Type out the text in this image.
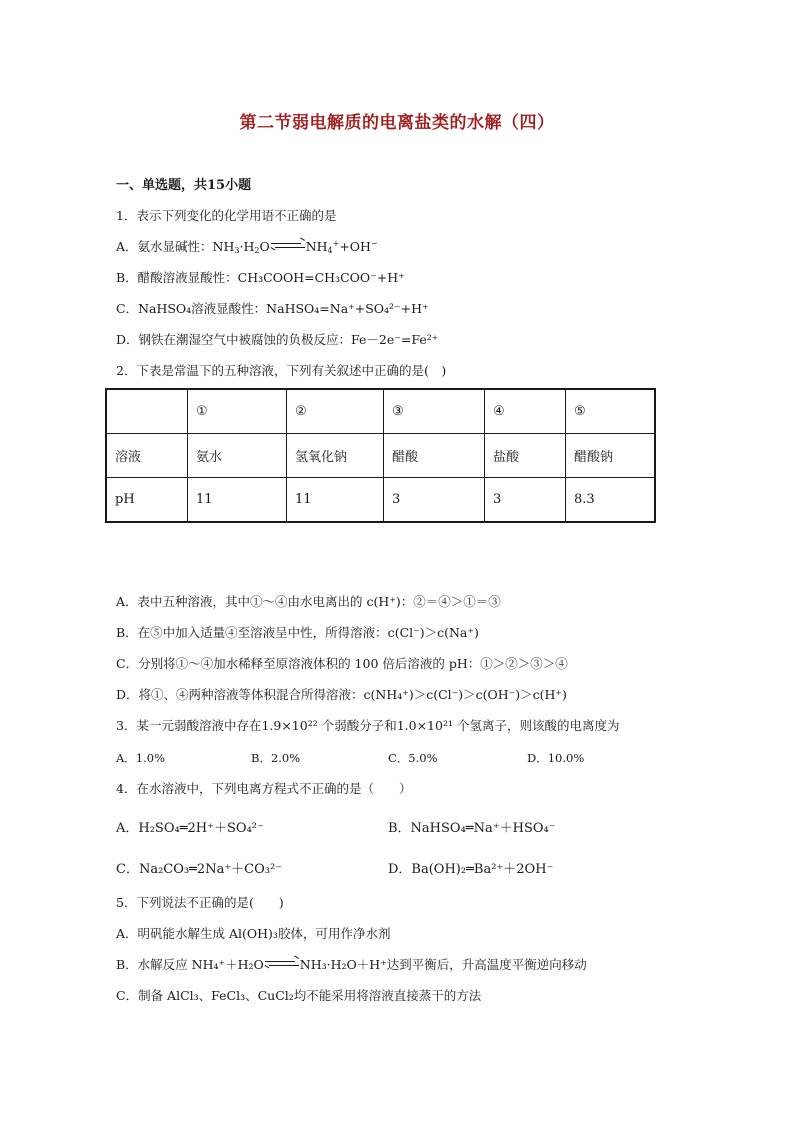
第二节弱电解质的电离盐类的水解（四）
一、单选题，共15小题
1．表示下列变化的化学用语不正确的是
A．氨水显碱性：$NH_3\cdot H_2O$	$NH_4^++OH^-$
B．醋酸溶液显酸性：CH₃COOH=CH₃COO⁻+H⁺
C．NaHSO₄溶液显酸性：NaHSO₄=Na⁺+SO₄²⁻+H⁺
D．钢铁在潮湿空气中被腐蚀的负极反应：Fe－2e⁻=Fe²⁺
2．下表是常温下的五种溶液，下列有关叙述中正确的是(　)
	①	②	③	④	⑤
溶液	氨水	氢氧化钠	醋酸	盐酸	醋酸钠
pH	11	11	3	3	8.3
A．表中五种溶液，其中①～④由水电离出的 c(H⁺)：②＝④＞①＝③
B．在⑤中加入适量④至溶液呈中性，所得溶液：c(Cl⁻)＞c(Na⁺)
C．分别将①～④加水稀释至原溶液体积的 100 倍后溶液的 pH：①＞②＞③＞④
D．将①、④两种溶液等体积混合所得溶液：c(NH₄⁺)＞c(Cl⁻)＞c(OH⁻)＞c(H⁺)
3．某一元弱酸溶液中存在1.9×10²² 个弱酸分子和1.0×10²¹ 个氢离子，则该酸的电离度为
A．1.0%	B．2.0%	C．5.0%	D．10.0%
4．在水溶液中，下列电离方程式不正确的是（　　）
A．H₂SO₄═2H⁺＋SO₄²⁻	B．NaHSO₄═Na⁺＋HSO₄⁻
C．Na₂CO₃═2Na⁺＋CO₃²⁻	D．Ba(OH)₂═Ba²⁺＋2OH⁻
5．下列说法不正确的是(　　)
A．明矾能水解生成 Al(OH)₃胶体，可用作净水剂
B．水解反应 NH₄⁺＋H₂O	NH₃·H₂O＋H⁺达到平衡后，升高温度平衡逆向移动
C．制备 AlCl₃、FeCl₃、CuCl₂均不能采用将溶液直接蒸干的方法
